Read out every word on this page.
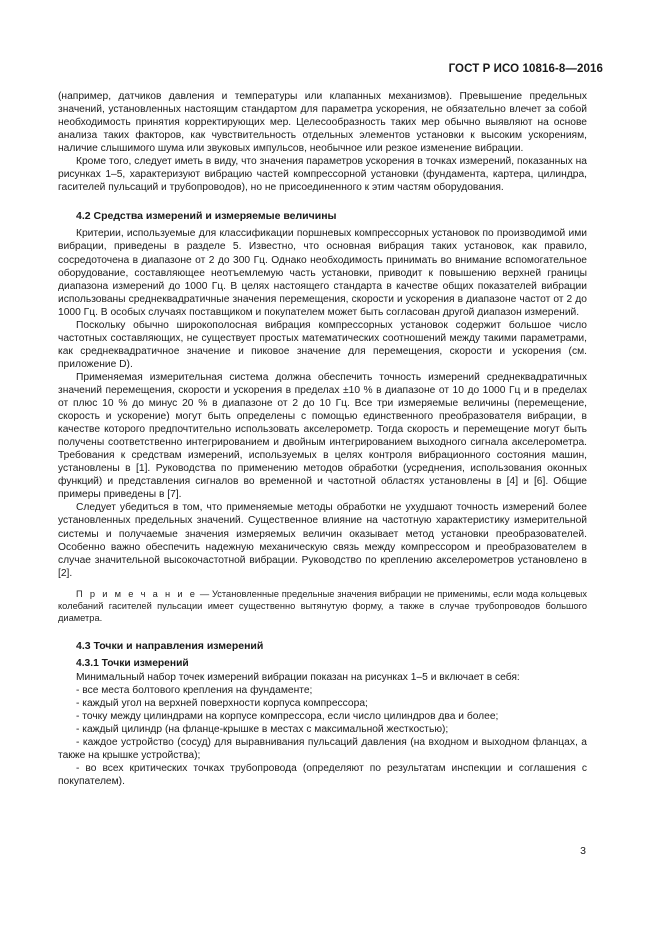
ГОСТ Р ИСО 10816-8—2016

(например, датчиков давления и температуры или клапанных механизмов). Превышение предельных значений, установленных настоящим стандартом для параметра ускорения, не обязательно влечет за собой необходимость принятия корректирующих мер. Целесообразность таких мер обычно выявляют на основе анализа таких факторов, как чувствительность отдельных элементов установки к высоким ускорениям, наличие слышимого шума или звуковых импульсов, необычное или резкое изменение вибрации.

Кроме того, следует иметь в виду, что значения параметров ускорения в точках измерений, показанных на рисунках 1–5, характеризуют вибрацию частей компрессорной установки (фундамента, картера, цилиндра, гасителей пульсаций и трубопроводов), но не присоединенного к этим частям оборудования.

4.2 Средства измерений и измеряемые величины

Критерии, используемые для классификации поршневых компрессорных установок по производимой ими вибрации, приведены в разделе 5. Известно, что основная вибрация таких установок, как правило, сосредоточена в диапазоне от 2 до 300 Гц. Однако необходимость принимать во внимание вспомогательное оборудование, составляющее неотъемлемую часть установки, приводит к повышению верхней границы диапазона измерений до 1000 Гц. В целях настоящего стандарта в качестве общих показателей вибрации использованы среднеквадратичные значения перемещения, скорости и ускорения в диапазоне частот от 2 до 1000 Гц. В особых случаях поставщиком и покупателем может быть согласован другой диапазон измерений.

Поскольку обычно широкополосная вибрация компрессорных установок содержит большое число частотных составляющих, не существует простых математических соотношений между такими параметрами, как среднеквадратичное значение и пиковое значение для перемещения, скорости и ускорения (см. приложение D).

Применяемая измерительная система должна обеспечить точность измерений среднеквадратичных значений перемещения, скорости и ускорения в пределах ±10 % в диапазоне от 10 до 1000 Гц и в пределах от плюс 10 % до минус 20 % в диапазоне от 2 до 10 Гц. Все три измеряемые величины (перемещение, скорость и ускорение) могут быть определены с помощью единственного преобразователя вибрации, в качестве которого предпочтительно использовать акселерометр. Тогда скорость и перемещение могут быть получены соответственно интегрированием и двойным интегрированием выходного сигнала акселерометра. Требования к средствам измерений, используемых в целях контроля вибрационного состояния машин, установлены в [1]. Руководства по применению методов обработки (усреднения, использования оконных функций) и представления сигналов во временной и частотной областях установлены в [4] и [6]. Общие примеры приведены в [7].

Следует убедиться в том, что применяемые методы обработки не ухудшают точность измерений более установленных предельных значений. Существенное влияние на частотную характеристику измерительной системы и получаемые значения измеряемых величин оказывает метод установки преобразователей. Особенно важно обеспечить надежную механическую связь между компрессором и преобразователем в случае значительной высокочастотной вибрации. Руководство по креплению акселерометров установлено в [2].

П р и м е ч а н и е — Установленные предельные значения вибрации не применимы, если мода кольцевых колебаний гасителей пульсации имеет существенно вытянутую форму, а также в случае трубопроводов большого диаметра.

4.3 Точки и направления измерений
4.3.1 Точки измерений

Минимальный набор точек измерений вибрации показан на рисунках 1–5 и включает в себя:

- все места болтового крепления на фундаменте;

- каждый угол на верхней поверхности корпуса компрессора;

- точку между цилиндрами на корпусе компрессора, если число цилиндров два и более;

- каждый цилиндр (на фланце-крышке в местах с максимальной жесткостью);

- каждое устройство (сосуд) для выравнивания пульсаций давления (на входном и выходном фланцах, а также на крышке устройства);

- во всех критических точках трубопровода (определяют по результатам инспекции и соглашения с покупателем).

3
